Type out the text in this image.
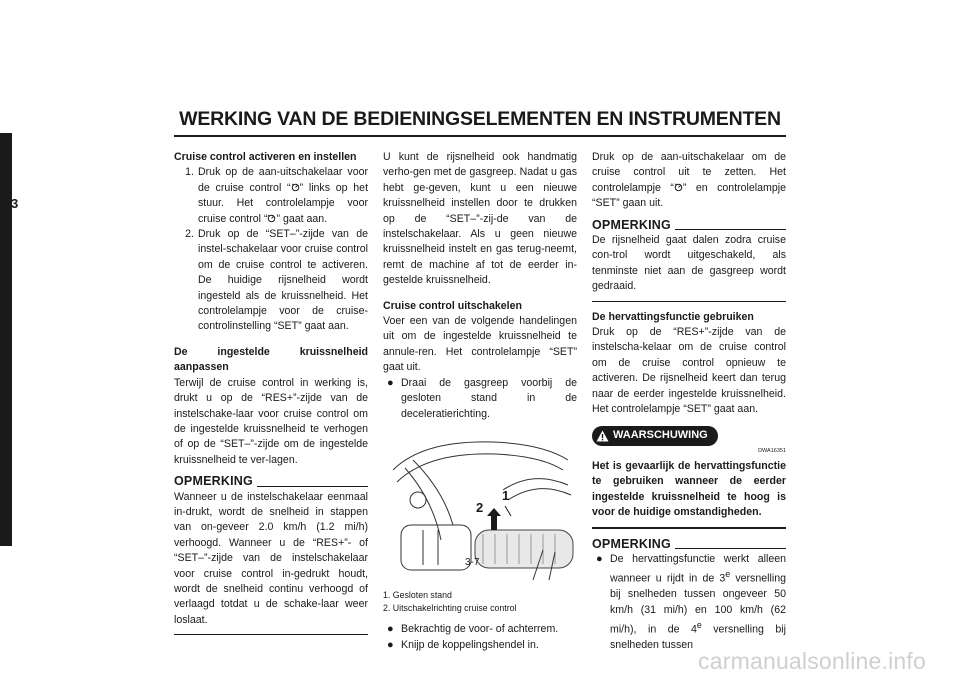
WERKING VAN DE BEDIENINGSELEMENTEN EN INSTRUMENTEN
3

Cruise control activeren en instellen

1. Druk op de aan-uitschakelaar voor de cruise control “ ” links op het stuur. Het controlelampje voor cruise control “ ” gaat aan.
2. Druk op de “SET–”-zijde van de instel-schakelaar voor cruise control om de cruise control te activeren. De huidige rijsnelheid wordt ingesteld als de kruissnelheid. Het controlelampje voor de cruise-controlinstelling “SET” gaat aan.

De ingestelde kruissnelheid aanpassen

Terwijl de cruise control in werking is, drukt u op de “RES+”-zijde van de instelschake-laar voor cruise control om de ingestelde kruissnelheid te verhogen of op de “SET–”-zijde om de ingestelde kruissnelheid te ver-lagen.

OPMERKING

Wanneer u de instelschakelaar eenmaal in-drukt, wordt de snelheid in stappen van on-geveer 2.0 km/h (1.2 mi/h) verhoogd. Wanneer u de “RES+”- of “SET–”-zijde van de instelschakelaar voor cruise control in-gedrukt houdt, wordt de snelheid continu verhoogd of verlaagd totdat u de schake-laar weer loslaat.

U kunt de rijsnelheid ook handmatig verho-gen met de gasgreep. Nadat u gas hebt ge-geven, kunt u een nieuwe kruissnelheid instellen door te drukken op de “SET–”-zij-de van de instelschakelaar. Als u geen nieuwe kruissnelheid instelt en gas terug-neemt, remt de machine af tot de eerder in-gestelde kruissnelheid.

Cruise control uitschakelen

Voer een van de volgende handelingen uit om de ingestelde kruissnelheid te annule-ren. Het controlelampje “SET” gaat uit.

● Draai de gasgreep voorbij de gesloten stand in de deceleratierichting.
2
1
1. Gesloten stand
2. Uitschakelrichting cruise control
● Bekrachtig de voor- of achterrem.
● Knijp de koppelingshendel in.

Druk op de aan-uitschakelaar om de cruise control uit te zetten. Het controlelampje “ ” en controlelampje “SET” gaan uit.

OPMERKING

De rijsnelheid gaat dalen zodra cruise con-trol wordt uitgeschakeld, als tenminste niet aan de gasgreep wordt gedraaid.

De hervattingsfunctie gebruiken

Druk op de “RES+”-zijde van de instelscha-kelaar om de cruise control om de cruise control opnieuw te activeren. De rijsnelheid keert dan terug naar de eerder ingestelde kruissnelheid. Het controlelampje “SET” gaat aan.

WAARSCHUWING
DWA16351

Het is gevaarlijk de hervattingsfunctie te gebruiken wanneer de eerder ingestelde kruissnelheid te hoog is voor de huidige omstandigheden.

OPMERKING
● De hervattingsfunctie werkt alleen wanneer u rijdt in de 3e versnelling bij snelheden tussen ongeveer 50 km/h (31 mi/h) en 100 km/h (62 mi/h), in de 4e versnelling bij snelheden tussen
3-7
carmanualsonline.info
